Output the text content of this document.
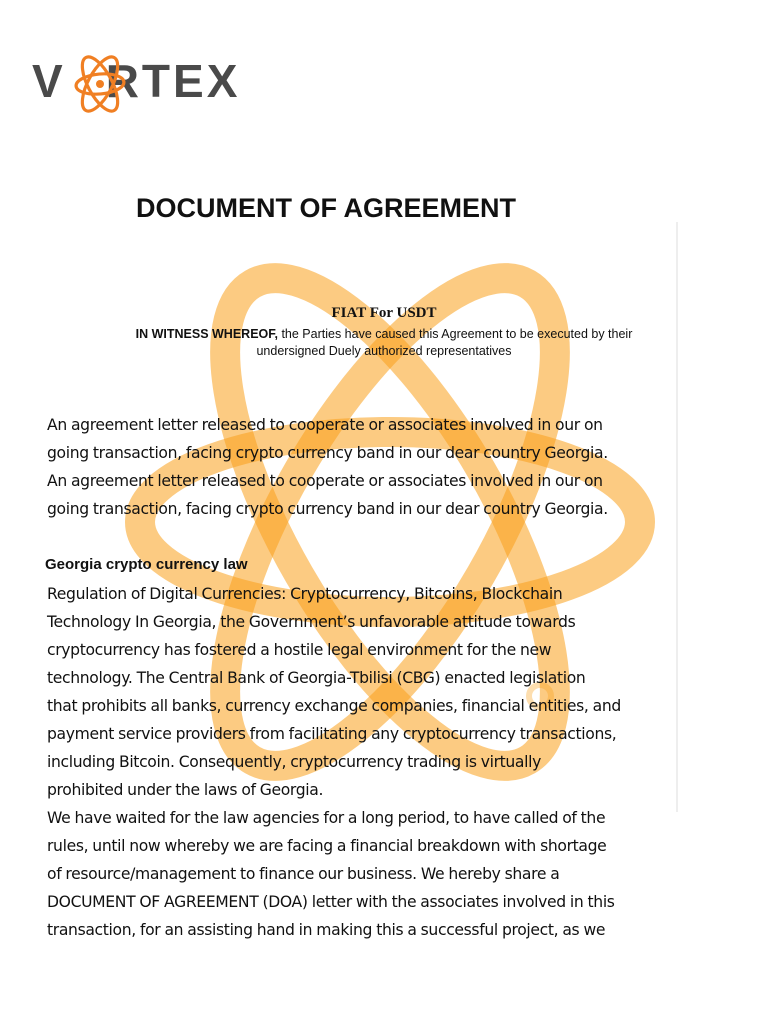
V RTEX
DOCUMENT OF AGREEMENT
FIAT For USDT
IN WITNESS WHEREOF, the Parties have caused this Agreement to be executed by their
undersigned Duely authorized representatives
An agreement letter released to cooperate or associates involved in our on
going transaction, facing crypto currency band in our dear country Georgia.
An agreement letter released to cooperate or associates involved in our on
going transaction, facing crypto currency band in our dear country Georgia.
Georgia crypto currency law
Regulation of Digital Currencies: Cryptocurrency, Bitcoins, Blockchain
Technology In Georgia, the Government’s unfavorable attitude towards
cryptocurrency has fostered a hostile legal environment for the new
technology. The Central Bank of Georgia-Tbilisi (CBG) enacted legislation
that prohibits all banks, currency exchange companies, financial entities, and
payment service providers from facilitating any cryptocurrency transactions,
including Bitcoin. Consequently, cryptocurrency trading is virtually
prohibited under the laws of Georgia.
We have waited for the law agencies for a long period, to have called of the
rules, until now whereby we are facing a financial breakdown with shortage
of resource/management to finance our business. We hereby share a
DOCUMENT OF AGREEMENT (DOA) letter with the associates involved in this
transaction, for an assisting hand in making this a successful project, as we
